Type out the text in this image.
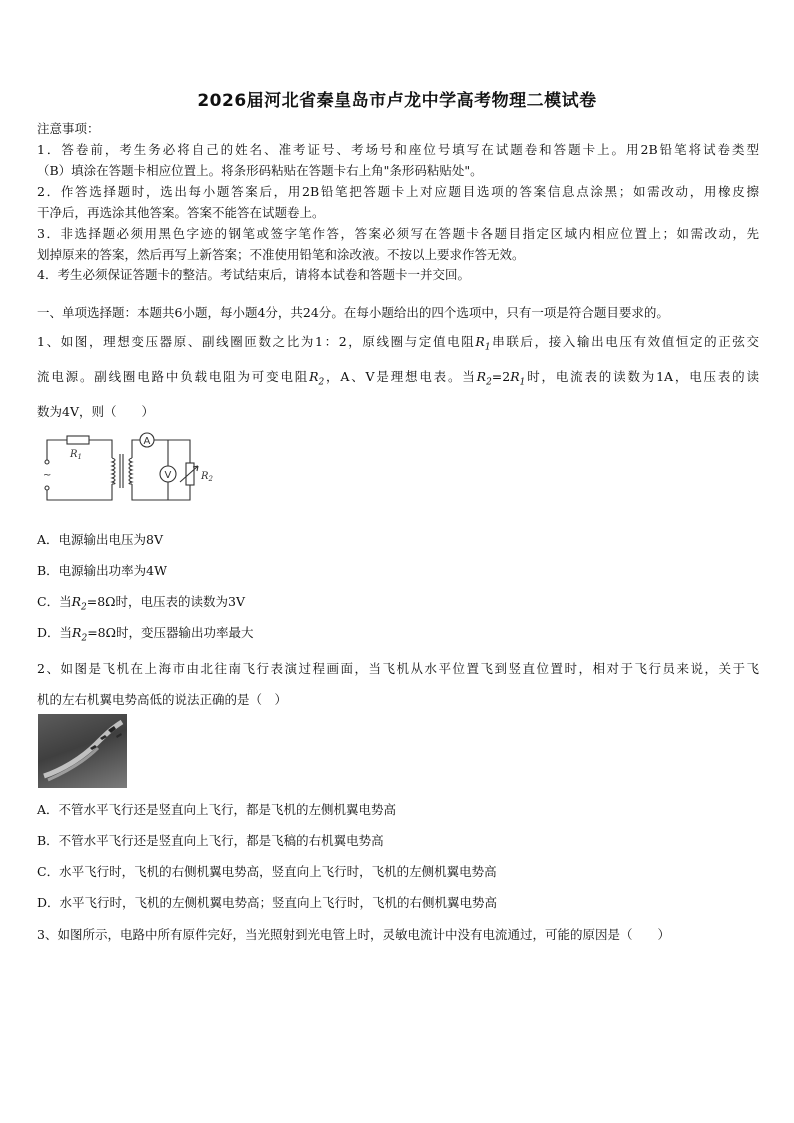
2026届河北省秦皇岛市卢龙中学高考物理二模试卷
注意事项：
1．答卷前，考生务必将自己的姓名、准考证号、考场号和座位号填写在试题卷和答题卡上。用2B铅笔将试卷类型
（B）填涂在答题卡相应位置上。将条形码粘贴在答题卡右上角"条形码粘贴处"。
2．作答选择题时，选出每小题答案后，用2B铅笔把答题卡上对应题目选项的答案信息点涂黑；如需改动，用橡皮擦
干净后，再选涂其他答案。答案不能答在试题卷上。
3．非选择题必须用黑色字迹的钢笔或签字笔作答，答案必须写在答题卡各题目指定区域内相应位置上；如需改动，先
划掉原来的答案，然后再写上新答案；不准使用铅笔和涂改液。不按以上要求作答无效。
4．考生必须保证答题卡的整洁。考试结束后，请将本试卷和答题卡一并交回。
一、单项选择题：本题共6小题，每小题4分，共24分。在每小题给出的四个选项中，只有一项是符合题目要求的。
1、如图，理想变压器原、副线圈匝数之比为1：2，原线圈与定值电阻$R_1$串联后，接入输出电压有效值恒定的正弦交
流电源。副线圈电路中负载电阻为可变电阻$R_2$，A、V是理想电表。当$R_2=2R_1$时，电流表的读数为1A，电压表的读
数为4V，则（　　）
~
$R_1$
A
V	$R_2$
A．电源输出电压为8V
B．电源输出功率为4W
C．当$R_2=8\Omega$时，电压表的读数为3V
D．当$R_2=8\Omega$时，变压器输出功率最大
2、如图是飞机在上海市由北往南飞行表演过程画面，当飞机从水平位置飞到竖直位置时，相对于飞行员来说，关于飞
机的左右机翼电势高低的说法正确的是（　）
A．不管水平飞行还是竖直向上飞行，都是飞机的左侧机翼电势高
B．不管水平飞行还是竖直向上飞行，都是飞稿的右机翼电势高
C．水平飞行时，飞机的右侧机翼电势高，竖直向上飞行时，飞机的左侧机翼电势高
D．水平飞行时，飞机的左侧机翼电势高；竖直向上飞行时，飞机的右侧机翼电势高
3、如图所示，电路中所有原件完好，当光照射到光电管上时，灵敏电流计中没有电流通过，可能的原因是（　　）
